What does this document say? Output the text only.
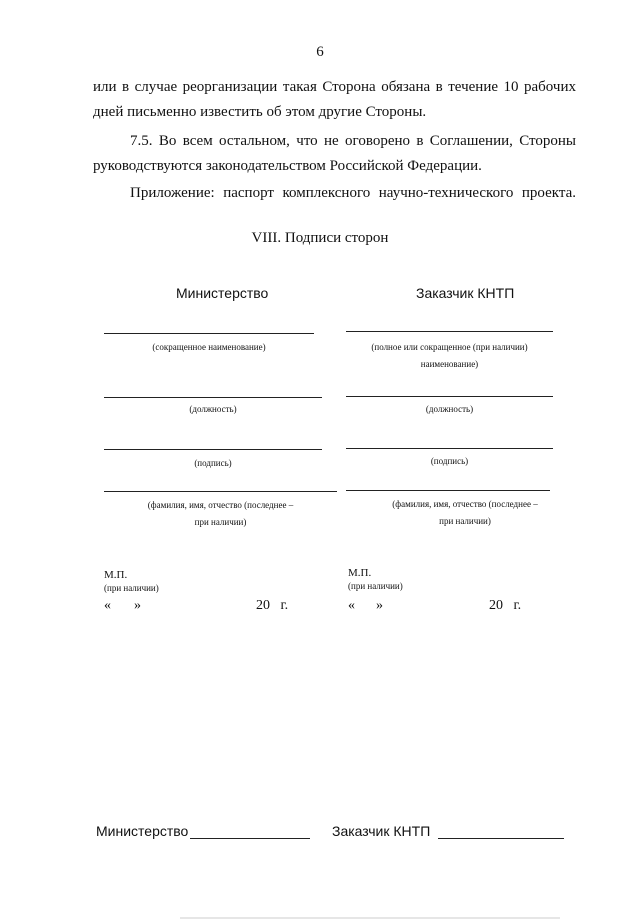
6
или в случае реорганизации такая Сторона обязана в течение 10 рабочих дней письменно известить об этом другие Стороны.
7.5. Во всем остальном, что не оговорено в Соглашении, Стороны руководствуются законодательством Российской Федерации.
Приложение: паспорт комплексного научно-технического проекта.
VIII. Подписи сторон
Министерство
(сокращенное наименование)
(должность)
(подпись)
(фамилия, имя, отчество (последнее –
при наличии)
М.П.
(при наличии)
« »	20   г.
Заказчик КНТП
(полное или сокращенное (при наличии)
наименование)
(должность)
(подпись)
(фамилия, имя, отчество (последнее –
при наличии)
М.П.
(при наличии)
« »	20   г.
Министерство	Заказчик КНТП
